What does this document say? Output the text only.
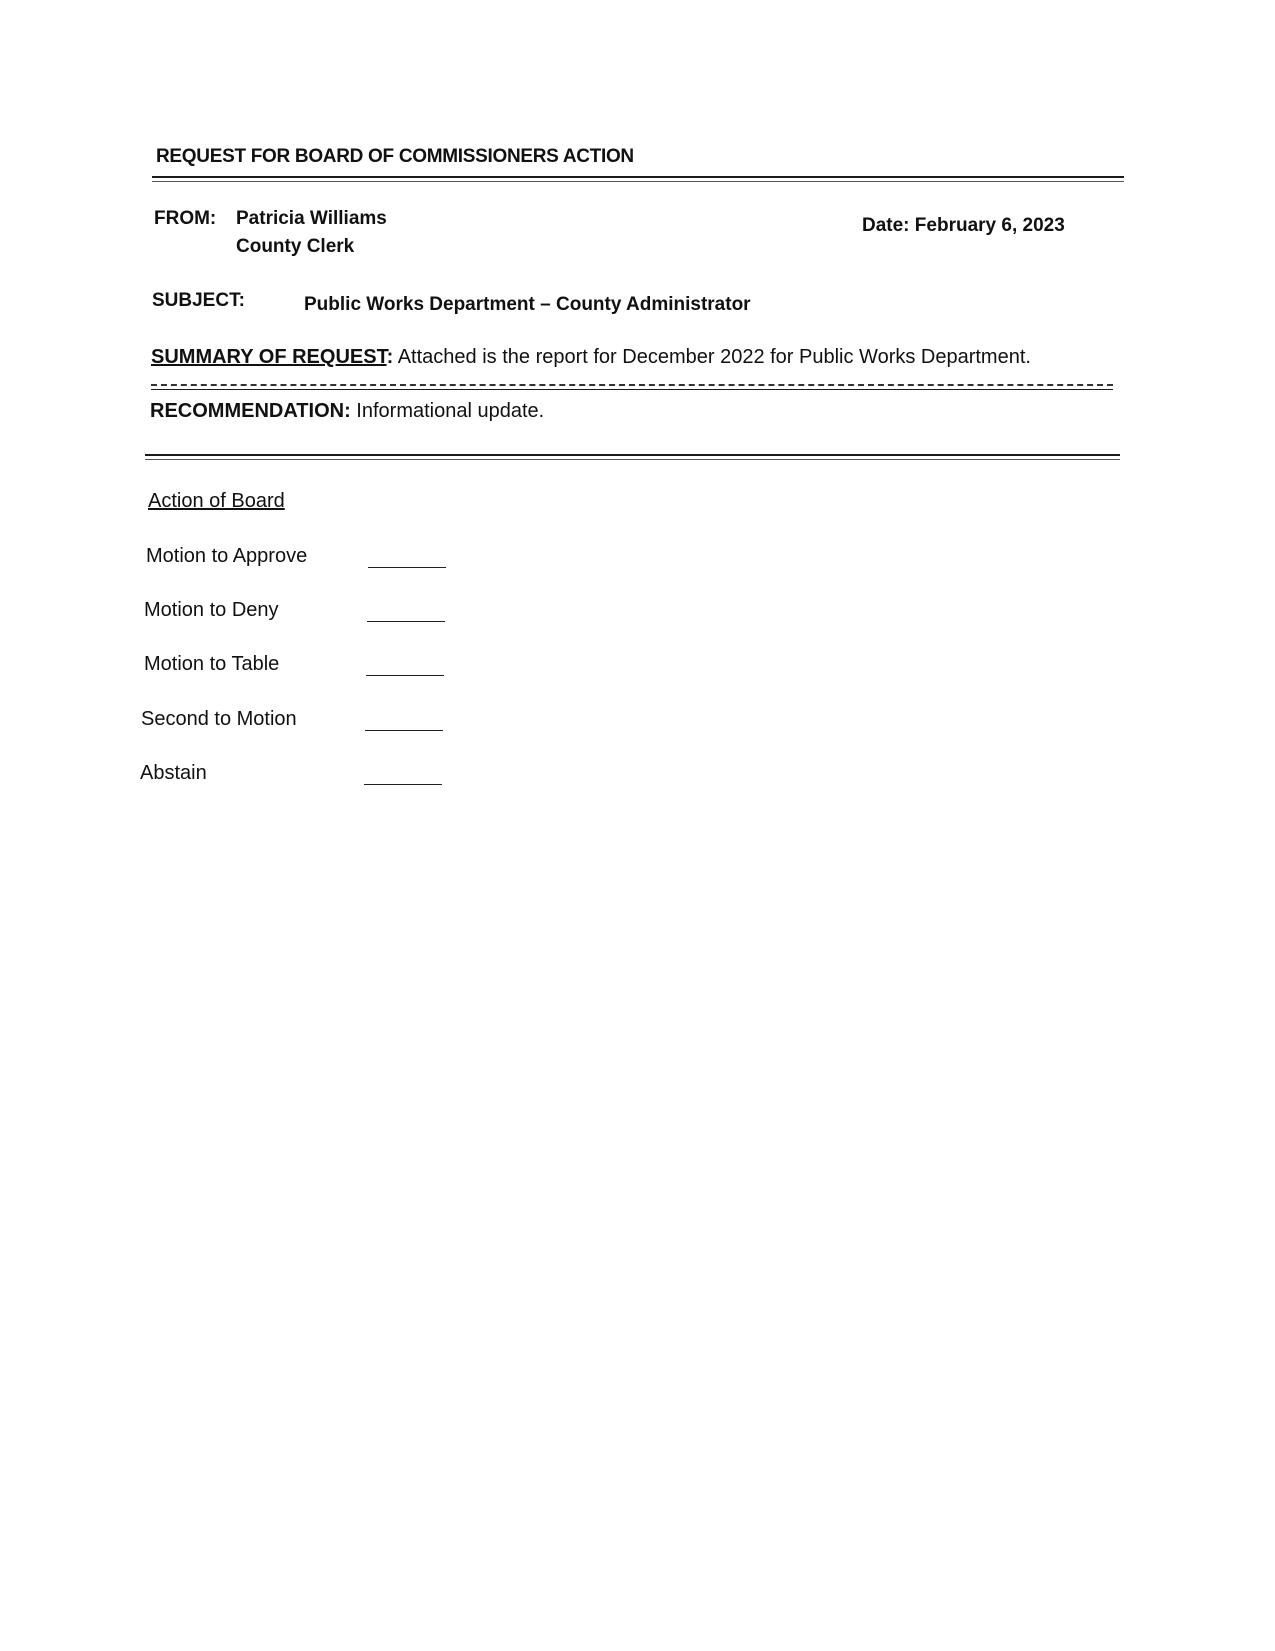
REQUEST FOR BOARD OF COMMISSIONERS ACTION
FROM: Patricia Williams
County Clerk
Date: February 6, 2023
SUBJECT:	Public Works Department – County Administrator
SUMMARY OF REQUEST: Attached is the report for December 2022 for Public Works Department.
RECOMMENDATION: Informational update.
Action of Board
Motion to Approve
Motion to Deny
Motion to Table
Second to Motion
Abstain
